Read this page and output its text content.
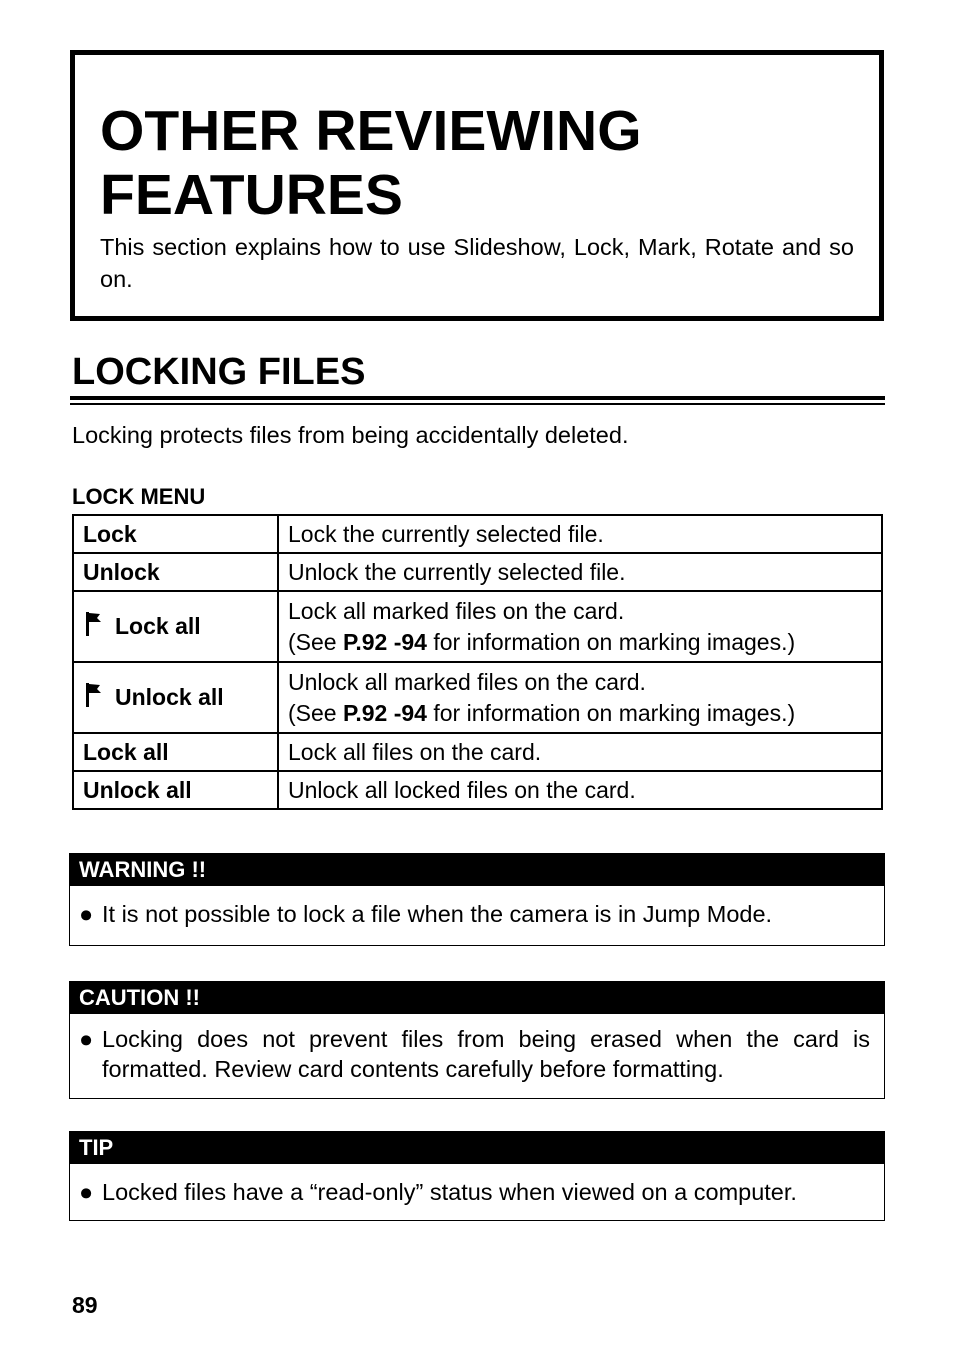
OTHER REVIEWING
FEATURES

This section explains how to use Slideshow, Lock, Mark, Rotate and so on.

LOCKING FILES

Locking protects files from being accidentally deleted.

LOCK MENU

Lock	Lock the currently selected file.
Unlock	Unlock the currently selected file.

Lock all	Lock all marked files on the card.
(See P.92 -94 for information on marking images.)

Unlock all	Unlock all marked files on the card.
(See P.92 -94 for information on marking images.)
Lock all	Lock all files on the card.
Unlock all	Unlock all locked files on the card.
WARNING !!
● It is not possible to lock a file when the camera is in Jump Mode.
CAUTION !!
● Locking does not prevent files from being erased when the card is formatted. Review card contents carefully before formatting.
TIP
● Locked files have a “read-only” status when viewed on a computer.

89
